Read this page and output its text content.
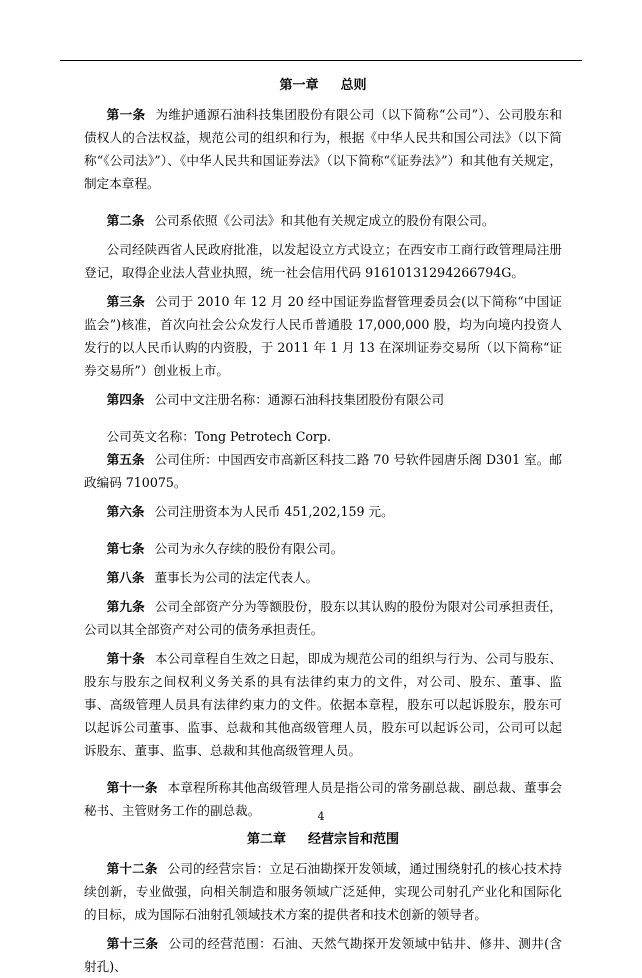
第一章 总则

第一条 为维护通源石油科技集团股份有限公司（以下简称“公司”）、公司股东和债权人的合法权益，规范公司的组织和行为，根据《中华人民共和国公司法》（以下简称“《公司法》”）、《中华人民共和国证券法》（以下简称“《证券法》”）和其他有关规定，制定本章程。

第二条 公司系依照《公司法》和其他有关规定成立的股份有限公司。

公司经陕西省人民政府批准，以发起设立方式设立；在西安市工商行政管理局注册登记，取得企业法人营业执照，统一社会信用代码 91610131294266794G。

第三条 公司于 2010 年 12 月 20 经中国证券监督管理委员会(以下简称“中国证监会”)核准，首次向社会公众发行人民币普通股 17,000,000 股，均为向境内投资人发行的以人民币认购的内资股，于 2011 年 1 月 13 在深圳证券交易所（以下简称“证券交易所”）创业板上市。

第四条 公司中文注册名称：通源石油科技集团股份有限公司

公司英文名称：Tong Petrotech Corp.

第五条 公司住所：中国西安市高新区科技二路 70 号软件园唐乐阁 D301 室。邮政编码 710075。

第六条 公司注册资本为人民币 451,202,159 元。

第七条 公司为永久存续的股份有限公司。

第八条 董事长为公司的法定代表人。

第九条 公司全部资产分为等额股份，股东以其认购的股份为限对公司承担责任，公司以其全部资产对公司的债务承担责任。

第十条 本公司章程自生效之日起，即成为规范公司的组织与行为、公司与股东、股东与股东之间权利义务关系的具有法律约束力的文件，对公司、股东、董事、监事、高级管理人员具有法律约束力的文件。依据本章程，股东可以起诉股东，股东可以起诉公司董事、监事、总裁和其他高级管理人员，股东可以起诉公司，公司可以起诉股东、董事、监事、总裁和其他高级管理人员。

第十一条 本章程所称其他高级管理人员是指公司的常务副总裁、副总裁、董事会秘书、主管财务工作的副总裁。

第二章 经营宗旨和范围

第十二条 公司的经营宗旨：立足石油勘探开发领域，通过围绕射孔的核心技术持续创新，专业做强，向相关制造和服务领域广泛延伸，实现公司射孔产业化和国际化的目标，成为国际石油射孔领域技术方案的提供者和技术创新的领导者。

第十三条 公司的经营范围：石油、天然气勘探开发领域中钻井、修井、测井(含射孔)、

4
